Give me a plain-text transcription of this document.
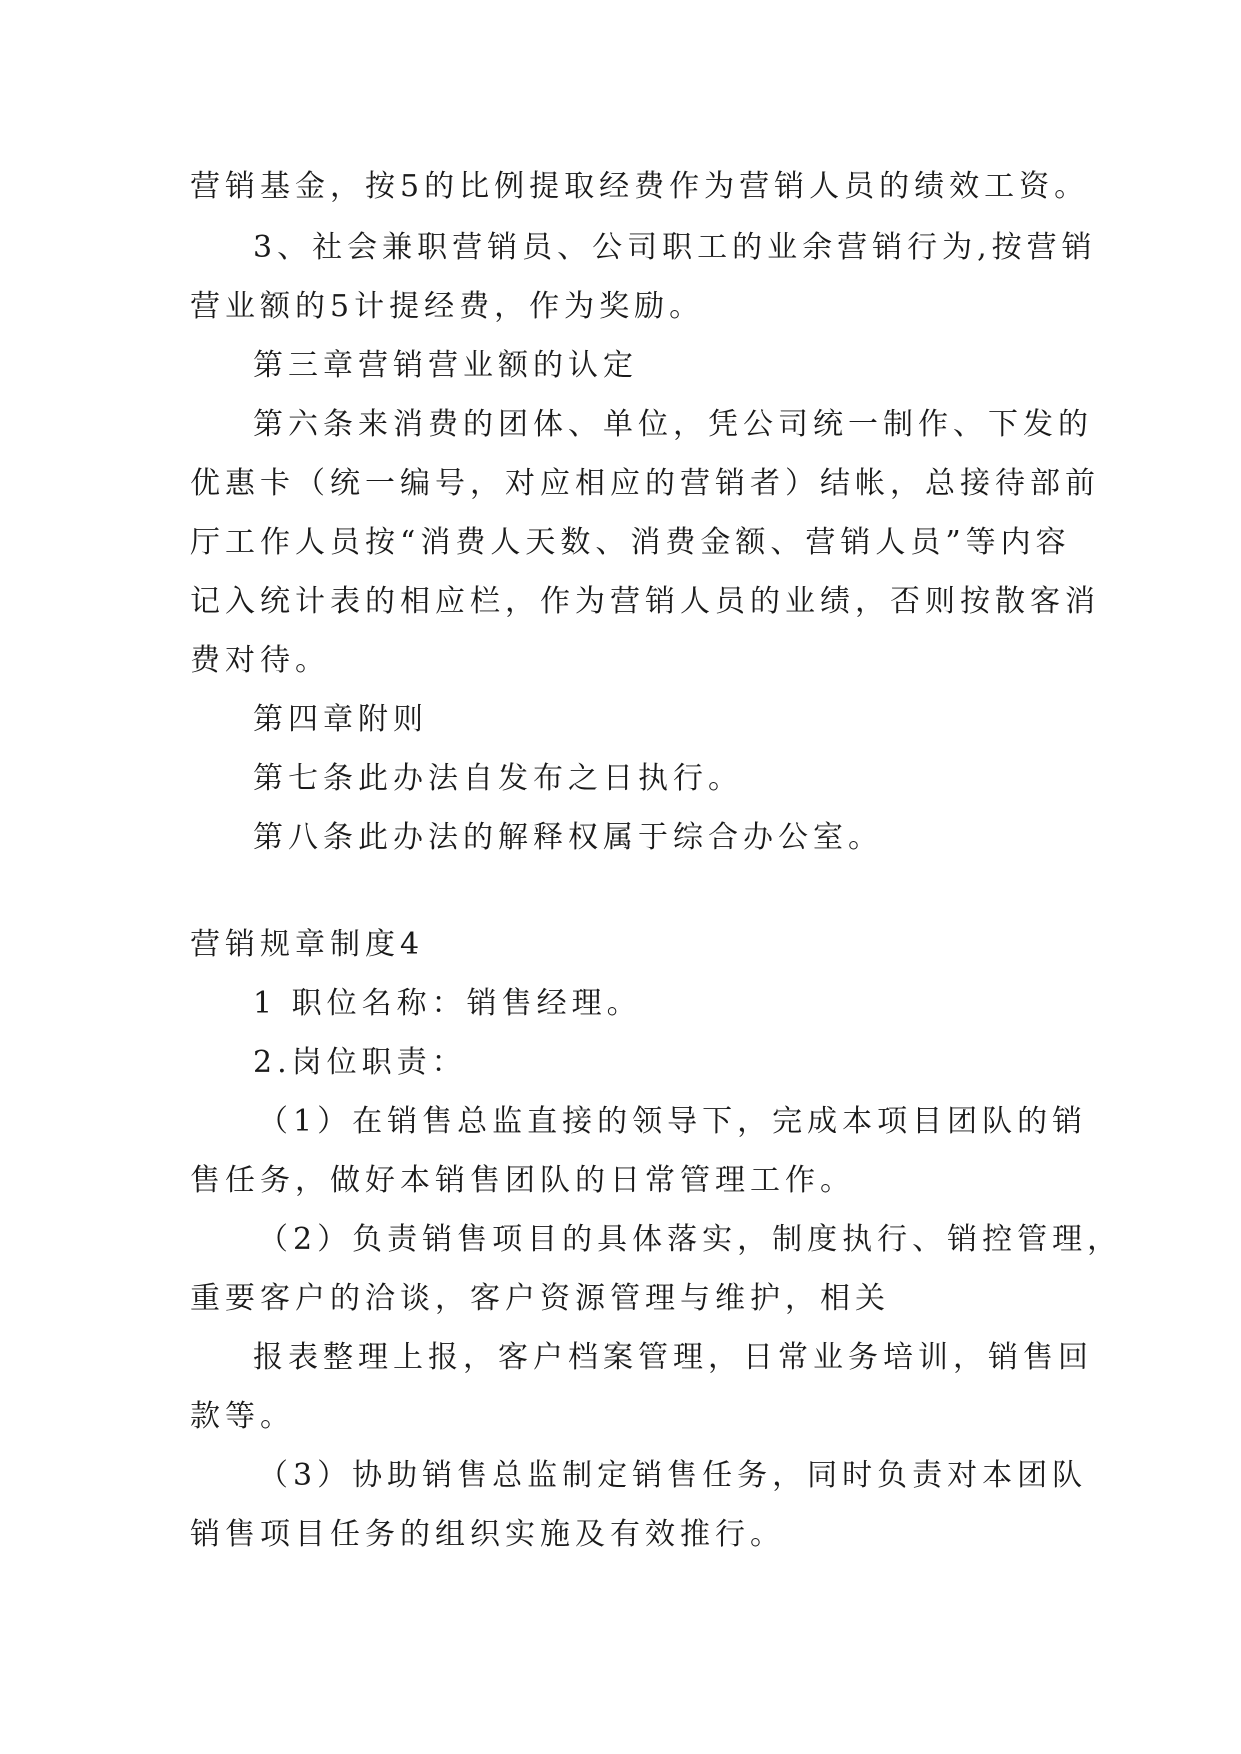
营销基金，按5的比例提取经费作为营销人员的绩效工资。
3、社会兼职营销员、公司职工的业余营销行为,按营销
营业额的5计提经费，作为奖励。
第三章营销营业额的认定
第六条来消费的团体、单位，凭公司统一制作、下发的
优惠卡（统一编号，对应相应的营销者）结帐，总接待部前
厅工作人员按“消费人天数、消费金额、营销人员”等内容
记入统计表的相应栏，作为营销人员的业绩，否则按散客消
费对待。
第四章附则
第七条此办法自发布之日执行。
第八条此办法的解释权属于综合办公室。
营销规章制度4
1 职位名称：销售经理。
2.岗位职责：
（1）在销售总监直接的领导下，完成本项目团队的销
售任务，做好本销售团队的日常管理工作。
（2）负责销售项目的具体落实，制度执行、销控管理，
重要客户的洽谈，客户资源管理与维护，相关
报表整理上报，客户档案管理，日常业务培训，销售回
款等。
（3）协助销售总监制定销售任务，同时负责对本团队
销售项目任务的组织实施及有效推行。
